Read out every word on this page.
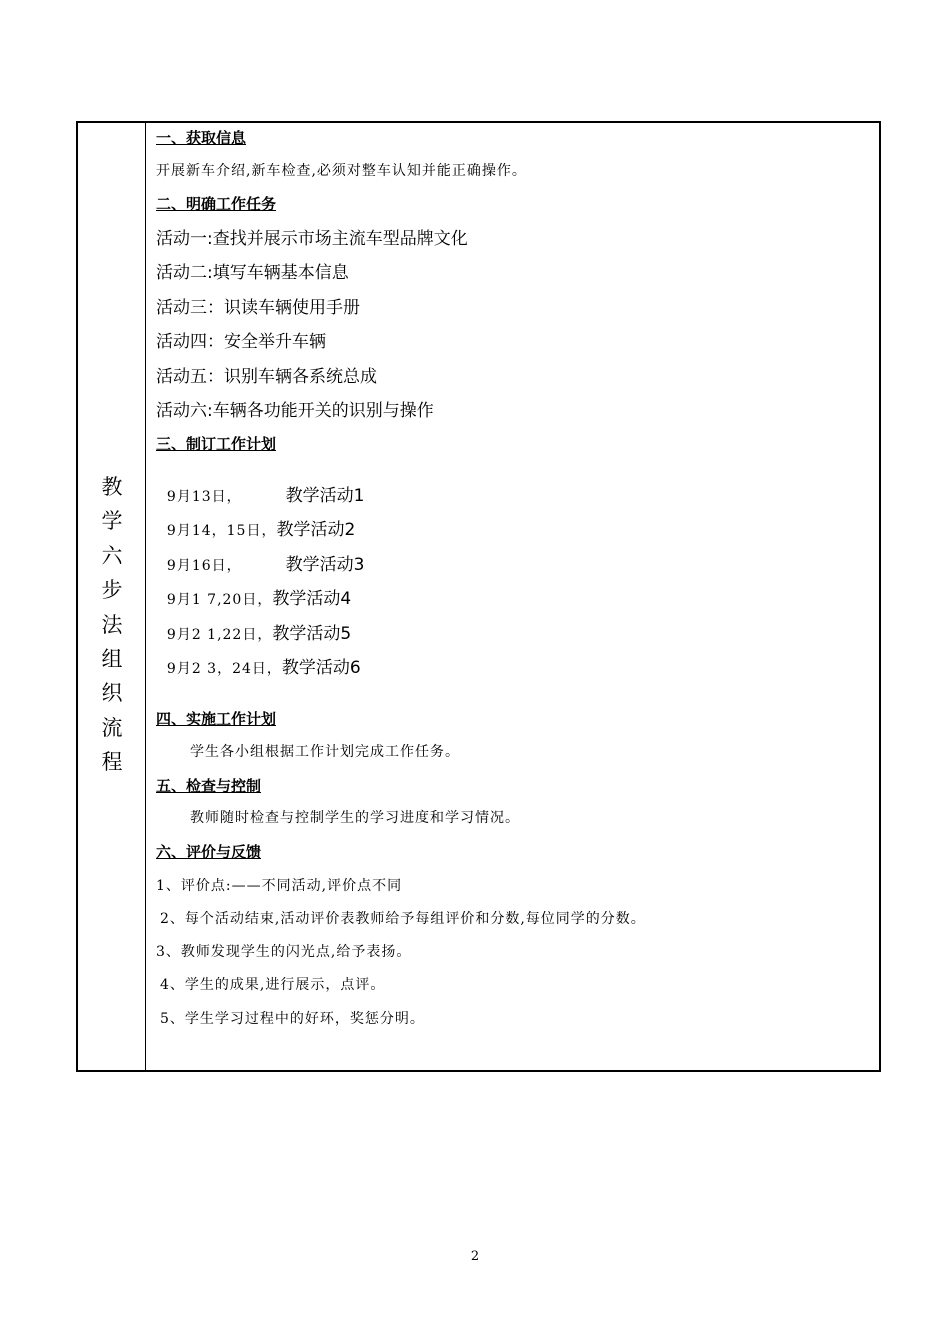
教
学
六
步
法
组
织
流
程
一、获取信息
开展新车介绍,新车检查,必须对整车认知并能正确操作。
二、明确工作任务
活动一:查找并展示市场主流车型品牌文化
活动二:填写车辆基本信息
活动三：识读车辆使用手册
活动四：安全举升车辆
活动五：识别车辆各系统总成
活动六:车辆各功能开关的识别与操作
三、制订工作计划

9月13日，	教学活动1

9月14，15日，教学活动2

9月16日，	教学活动3

9月1 7,20日，教学活动4

9月2 1,22日，教学活动5

9月2 3，24日，教学活动6

四、实施工作计划
学生各小组根据工作计划完成工作任务。
五、检查与控制
教师随时检查与控制学生的学习进度和学习情况。
六、评价与反馈
1、评价点:——不同活动,评价点不同
2、每个活动结束,活动评价表教师给予每组评价和分数,每位同学的分数。
3、教师发现学生的闪光点,给予表扬。
4、学生的成果,进行展示，点评。
5、学生学习过程中的好环，奖惩分明。
2
